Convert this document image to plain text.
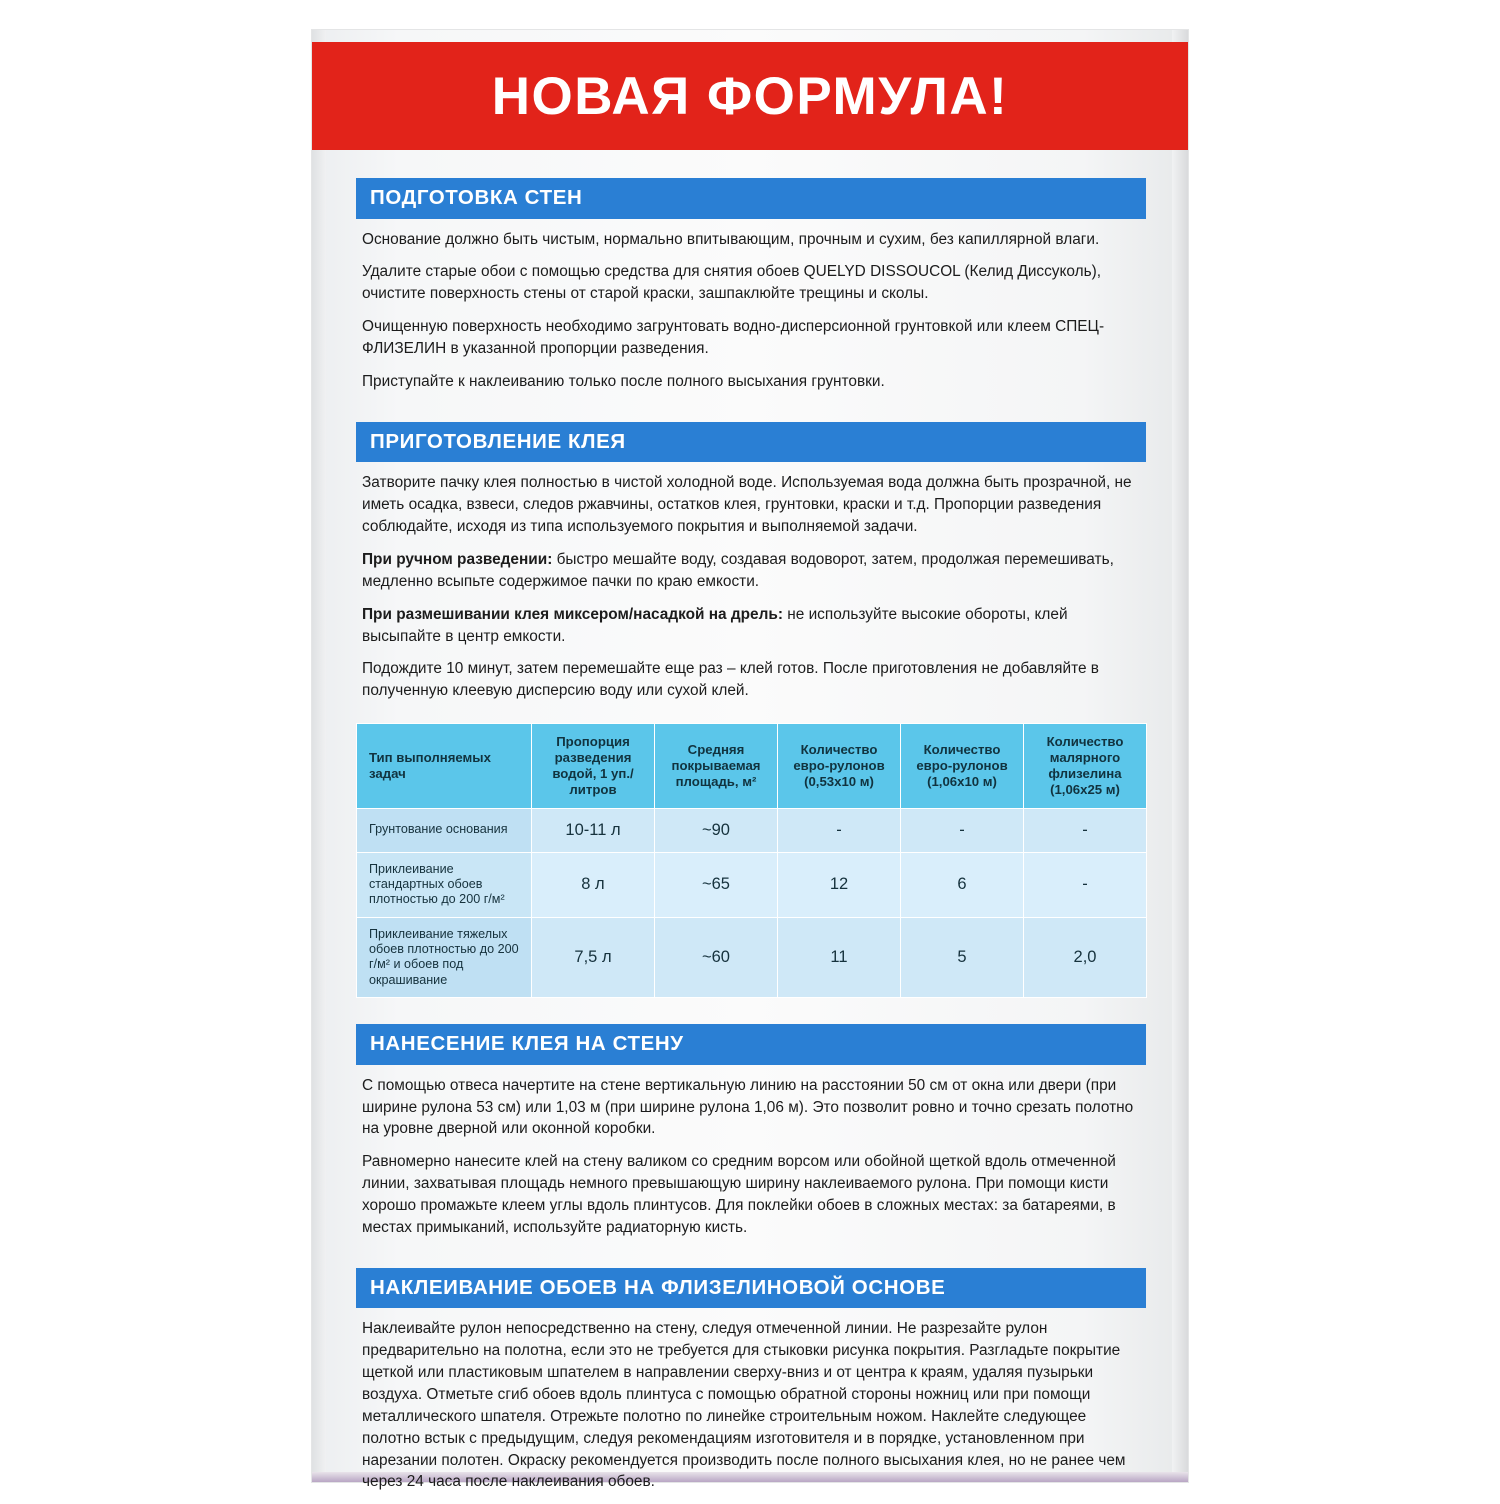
НОВАЯ ФОРМУЛА!
ПОДГОТОВКА СТЕН

Основание должно быть чистым, нормально впитывающим, прочным и сухим, без капиллярной влаги.

Удалите старые обои с помощью средства для снятия обоев QUELYD DISSOUCOL (Келид Диссуколь), очистите поверхность стены от старой краски, зашпаклюйте трещины и сколы.

Очищенную поверхность необходимо загрунтовать водно-дисперсионной грунтовкой или клеем СПЕЦ-ФЛИЗЕЛИН в указанной пропорции разведения.

Приступайте к наклеиванию только после полного высыхания грунтовки.

ПРИГОТОВЛЕНИЕ КЛЕЯ

Затворите пачку клея полностью в чистой холодной воде. Используемая вода должна быть прозрачной, не иметь осадка, взвеси, следов ржавчины, остатков клея, грунтовки, краски и т.д. Пропорции разведения соблюдайте, исходя из типа используемого покрытия и выполняемой задачи.

При ручном разведении: быстро мешайте воду, создавая водоворот, затем, продолжая перемешивать, медленно всыпьте содержимое пачки по краю емкости.

При размешивании клея миксером/насадкой на дрель: не используйте высокие обороты, клей высыпайте в центр емкости.

Подождите 10 минут, затем перемешайте еще раз – клей готов. После приготовления не добавляйте в полученную клеевую дисперсию воду или сухой клей.

Тип выполняемых задач	Пропорция разведения водой, 1 уп./литров	Средняя покрываемая площадь, м²	Количество евро-рулонов (0,53х10 м)	Количество евро-рулонов (1,06х10 м)	Количество малярного флизелина (1,06х25 м)
Грунтование основания	10-11 л	~90	-	-	-
Приклеивание стандартных обоев плотностью до 200 г/м²	8 л	~65	12	6	-
Приклеивание тяжелых обоев плотностью до 200 г/м² и обоев под окрашивание	7,5 л	~60	11	5	2,0
НАНЕСЕНИЕ КЛЕЯ НА СТЕНУ

С помощью отвеса начертите на стене вертикальную линию на расстоянии 50 см от окна или двери (при ширине рулона 53 см) или 1,03 м (при ширине рулона 1,06 м). Это позволит ровно и точно срезать полотно на уровне дверной или оконной коробки.

Равномерно нанесите клей на стену валиком со средним ворсом или обойной щеткой вдоль отмеченной линии, захватывая площадь немного превышающую ширину наклеиваемого рулона. При помощи кисти хорошо промажьте клеем углы вдоль плинтусов. Для поклейки обоев в сложных местах: за батареями, в местах примыканий, используйте радиаторную кисть.

НАКЛЕИВАНИЕ ОБОЕВ НА ФЛИЗЕЛИНОВОЙ ОСНОВЕ

Наклеивайте рулон непосредственно на стену, следуя отмеченной линии. Не разрезайте рулон предварительно на полотна, если это не требуется для стыковки рисунка покрытия. Разгладьте покрытие щеткой или пластиковым шпателем в направлении сверху-вниз и от центра к краям, удаляя пузырьки воздуха. Отметьте сгиб обоев вдоль плинтуса с помощью обратной стороны ножниц или при помощи металлического шпателя. Отрежьте полотно по линейке строительным ножом. Наклейте следующее полотно встык с предыдущим, следуя рекомендациям изготовителя и в порядке, установленном при нарезании полотен. Окраску рекомендуется производить после полного высыхания клея, но не ранее чем через 24 часа после наклеивания обоев.
